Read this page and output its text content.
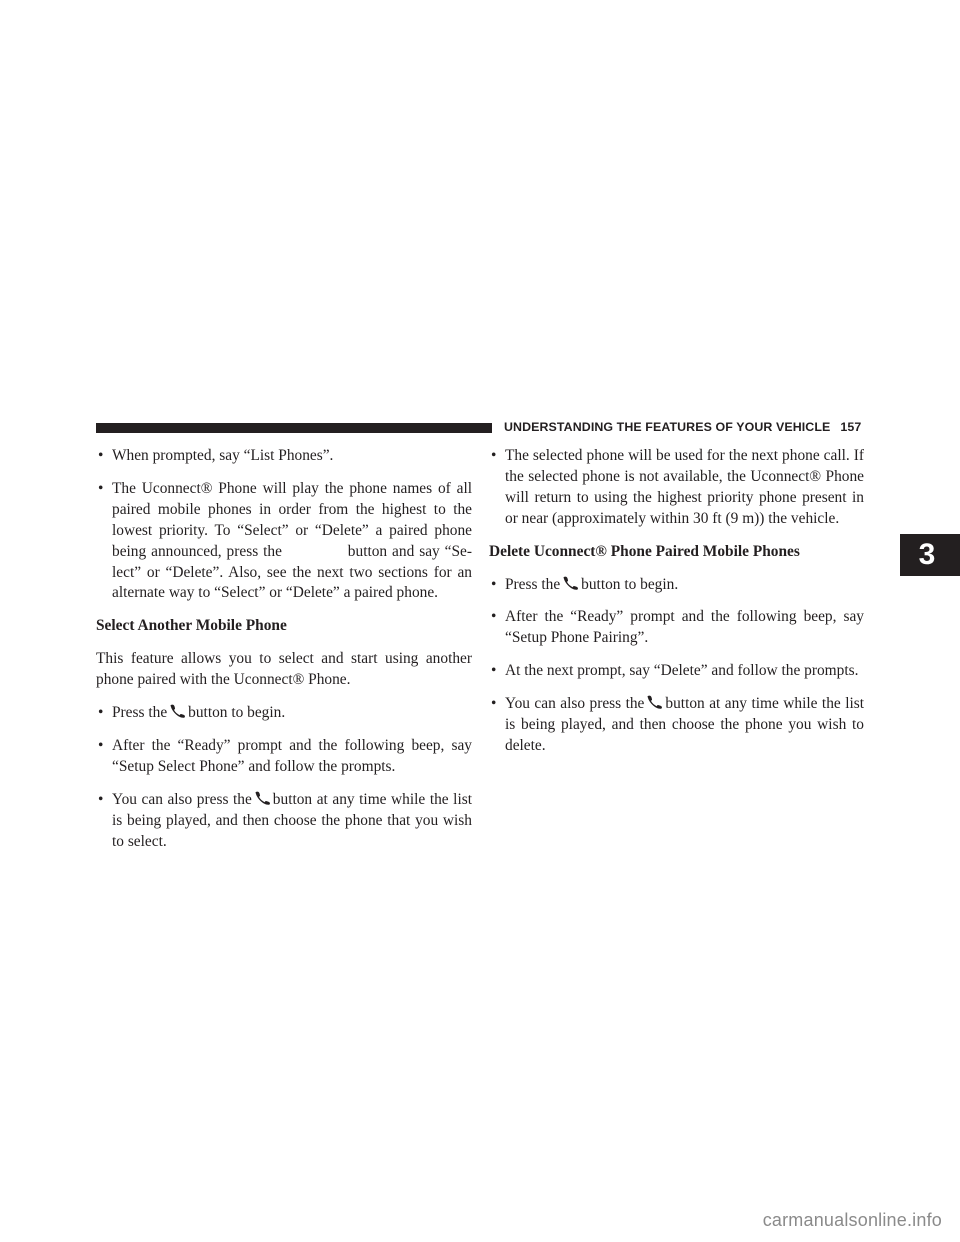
UNDERSTANDING THE FEATURES OF YOUR VEHICLE 157
• When prompted, say “List Phones”.
• The Uconnect® Phone will play the phone names of all paired mobile phones in order from the highest to the lowest priority. To “Select” or “Delete” a paired phone being announced, press the	button and say “Se- lect” or “Delete”. Also, see the next two sections for an alternate way to “Select” or “Delete” a paired phone.
Select Another Mobile Phone
This feature allows you to select and start using another phone paired with the Uconnect® Phone.
• Press the button to begin.
• After the “Ready” prompt and the following beep, say “Setup Select Phone” and follow the prompts.
• You can also press the button at any time while the list is being played, and then choose the phone that you wish to select.
• The selected phone will be used for the next phone call. If the selected phone is not available, the Uconnect® Phone will return to using the highest priority phone present in or near (approximately within 30 ft (9 m)) the vehicle.
Delete Uconnect® Phone Paired Mobile Phones
• Press the button to begin.
• After the “Ready” prompt and the following beep, say “Setup Phone Pairing”.
• At the next prompt, say “Delete” and follow the prompts.
• You can also press the button at any time while the list is being played, and then choose the phone you wish to delete.
3
carmanualsonline.info
